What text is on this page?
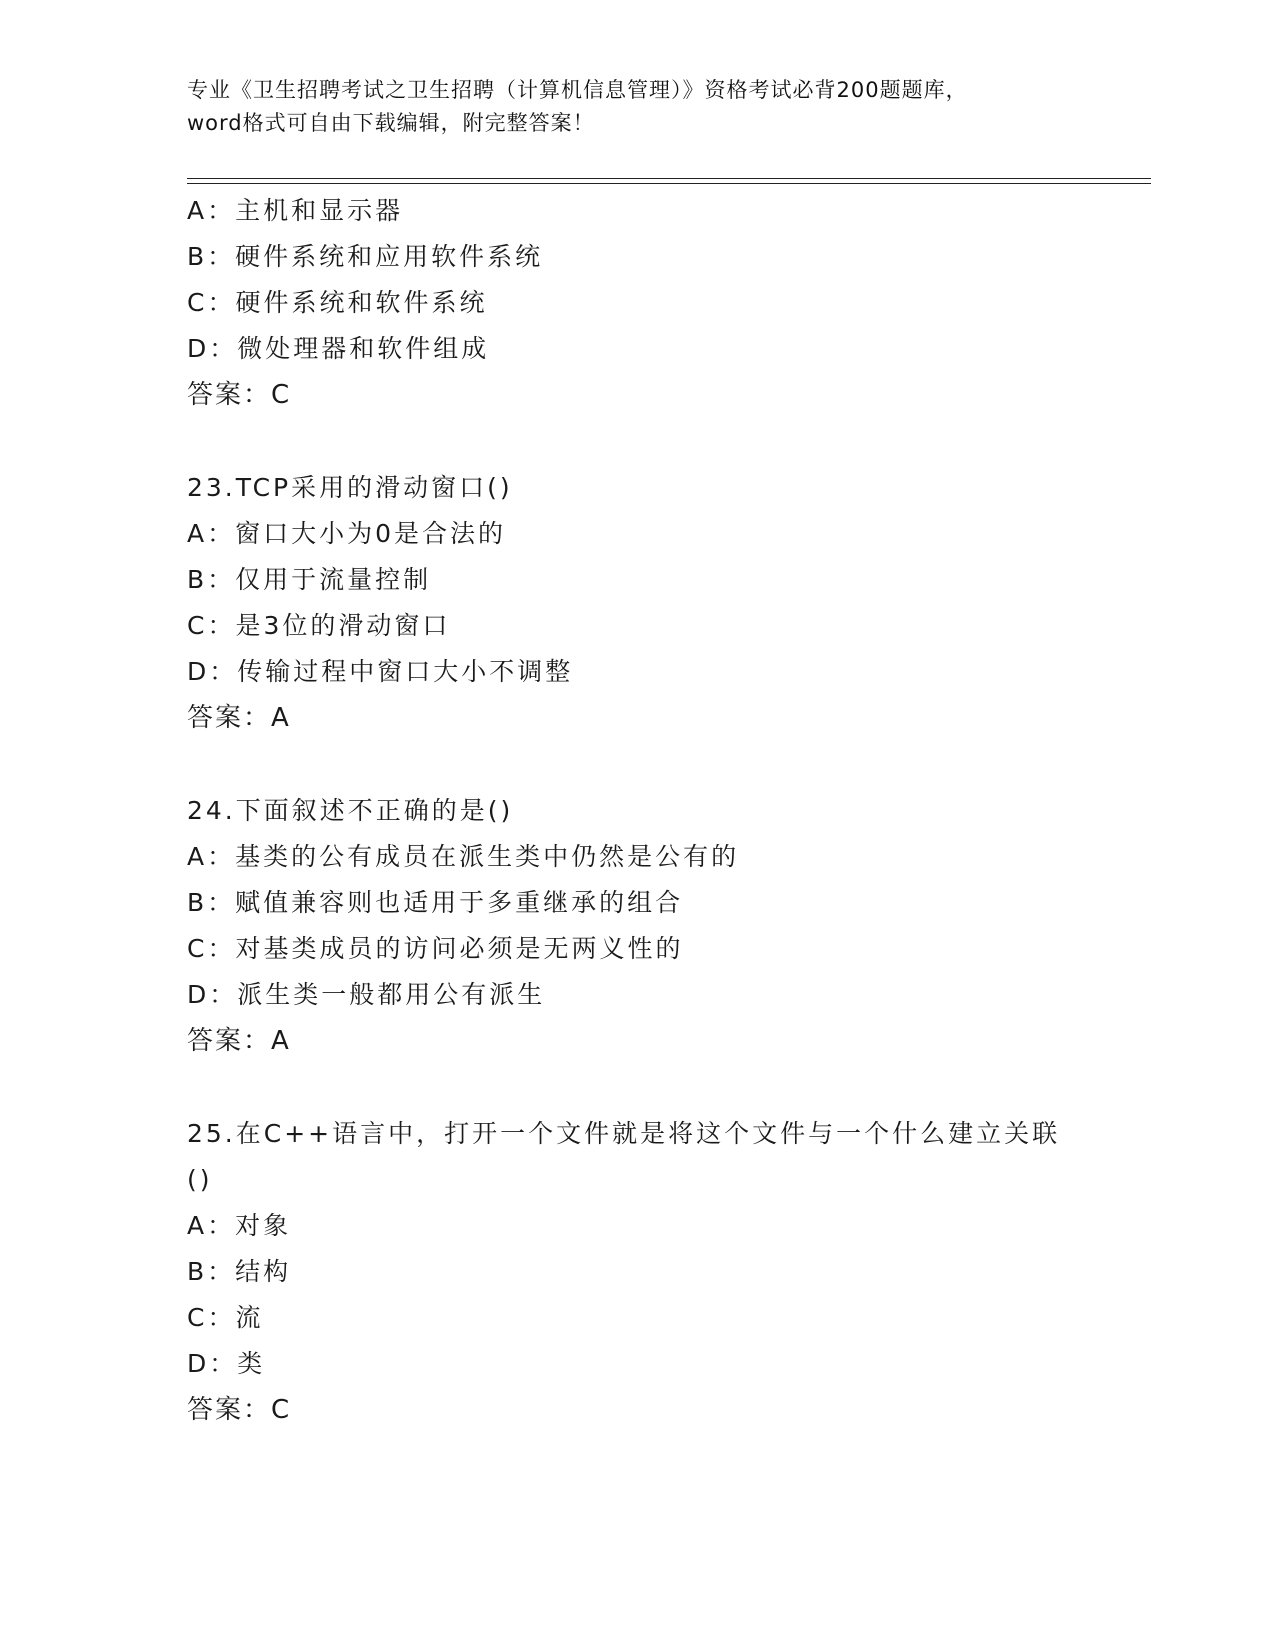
专业《卫生招聘考试之卫生招聘（计算机信息管理）》资格考试必背200题题库，
word格式可自由下载编辑，附完整答案！
A：主机和显示器
B：硬件系统和应用软件系统
C：硬件系统和软件系统
D：微处理器和软件组成
答案：C
23.TCP采用的滑动窗口()
A：窗口大小为0是合法的
B：仅用于流量控制
C：是3位的滑动窗口
D：传输过程中窗口大小不调整
答案：A
24.下面叙述不正确的是()
A：基类的公有成员在派生类中仍然是公有的
B：赋值兼容则也适用于多重继承的组合
C：对基类成员的访问必须是无两义性的
D：派生类一般都用公有派生
答案：A
25.在C++语言中，打开一个文件就是将这个文件与一个什么建立关联
()
A：对象
B：结构
C：流
D：类
答案：C
